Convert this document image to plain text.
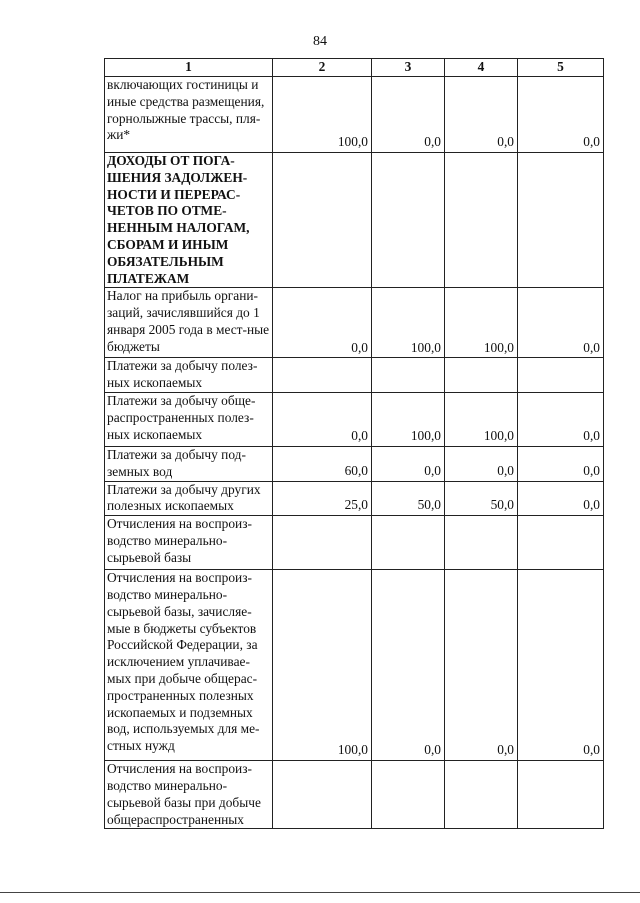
84
1	2	3	4	5
включающих гостиницы и иные средства размещения, горнолыжные трассы, пля-жи*	100,0	0,0	0,0	0,0
ДОХОДЫ ОТ ПОГА-ШЕНИЯ ЗАДОЛЖЕН-НОСТИ И ПЕРЕРАС-ЧЕТОВ ПО ОТМЕ-НЕННЫМ НАЛОГАМ, СБОРАМ И ИНЫМ ОБЯЗАТЕЛЬНЫМ ПЛАТЕЖАМ				
Налог на прибыль органи-заций, зачислявшийся до 1 января 2005 года в мест-ные бюджеты	0,0	100,0	100,0	0,0
Платежи за добычу полез-ных ископаемых				
Платежи за добычу обще-распространенных полез-ных ископаемых	0,0	100,0	100,0	0,0
Платежи за добычу под-земных вод	60,0	0,0	0,0	0,0
Платежи за добычу других полезных ископаемых	25,0	50,0	50,0	0,0
Отчисления на воспроиз-водство минерально-сырьевой базы				
Отчисления на воспроиз-водство минерально-сырьевой базы, зачисляе-мые в бюджеты субъектов Российской Федерации, за исключением уплачивае-мых при добыче общерас-пространенных полезных ископаемых и подземных вод, используемых для ме-стных нужд	100,0	0,0	0,0	0,0
Отчисления на воспроиз-водство минерально-сырьевой базы при добыче общераспространенных				
